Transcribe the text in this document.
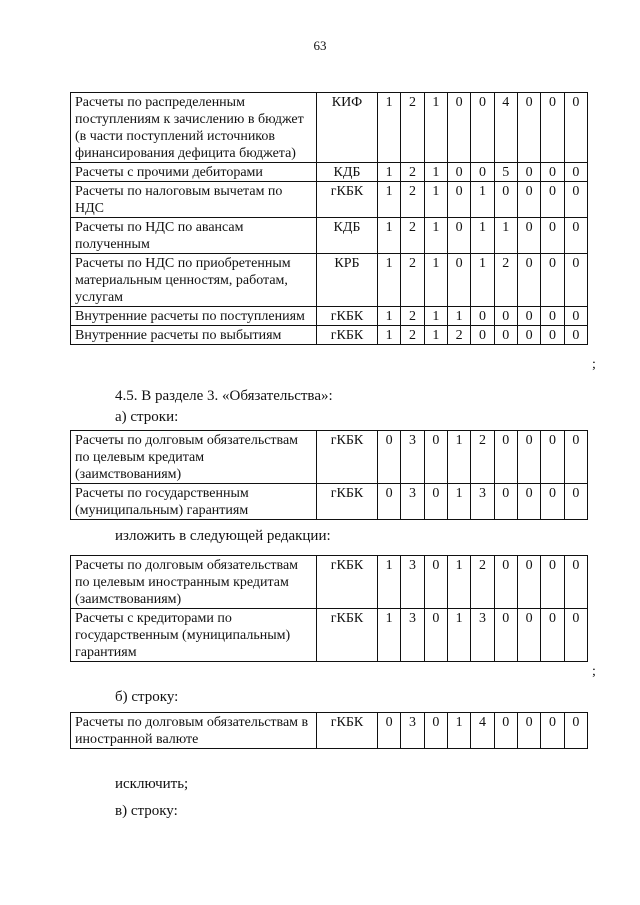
63
Расчеты по распределенным поступлениям к зачислению в бюджет (в части поступлений источников финансирования дефицита бюджета)	КИФ	1	2	1	0	0	4	0	0	0
Расчеты с прочими дебиторами	КДБ	1	2	1	0	0	5	0	0	0
Расчеты по налоговым вычетам по НДС	гКБК	1	2	1	0	1	0	0	0	0
Расчеты по НДС по авансам полученным	КДБ	1	2	1	0	1	1	0	0	0
Расчеты по НДС по приобретенным материальным ценностям, работам, услугам	КРБ	1	2	1	0	1	2	0	0	0
Внутренние расчеты по поступлениям	гКБК	1	2	1	1	0	0	0	0	0
Внутренние расчеты по выбытиям	гКБК	1	2	1	2	0	0	0	0	0
;
4.5. В разделе 3. «Обязательства»:
а) строки:
Расчеты по долговым обязательствам по целевым кредитам (заимствованиям)	гКБК	0	3	0	1	2	0	0	0	0
Расчеты по государственным (муниципальным) гарантиям	гКБК	0	3	0	1	3	0	0	0	0
изложить в следующей редакции:
Расчеты по долговым обязательствам по целевым иностранным кредитам (заимствованиям)	гКБК	1	3	0	1	2	0	0	0	0
Расчеты с кредиторами по государственным (муниципальным) гарантиям	гКБК	1	3	0	1	3	0	0	0	0
;
б) строку:
Расчеты по долговым обязательствам в иностранной валюте	гКБК	0	3	0	1	4	0	0	0	0
исключить;
в) строку:
